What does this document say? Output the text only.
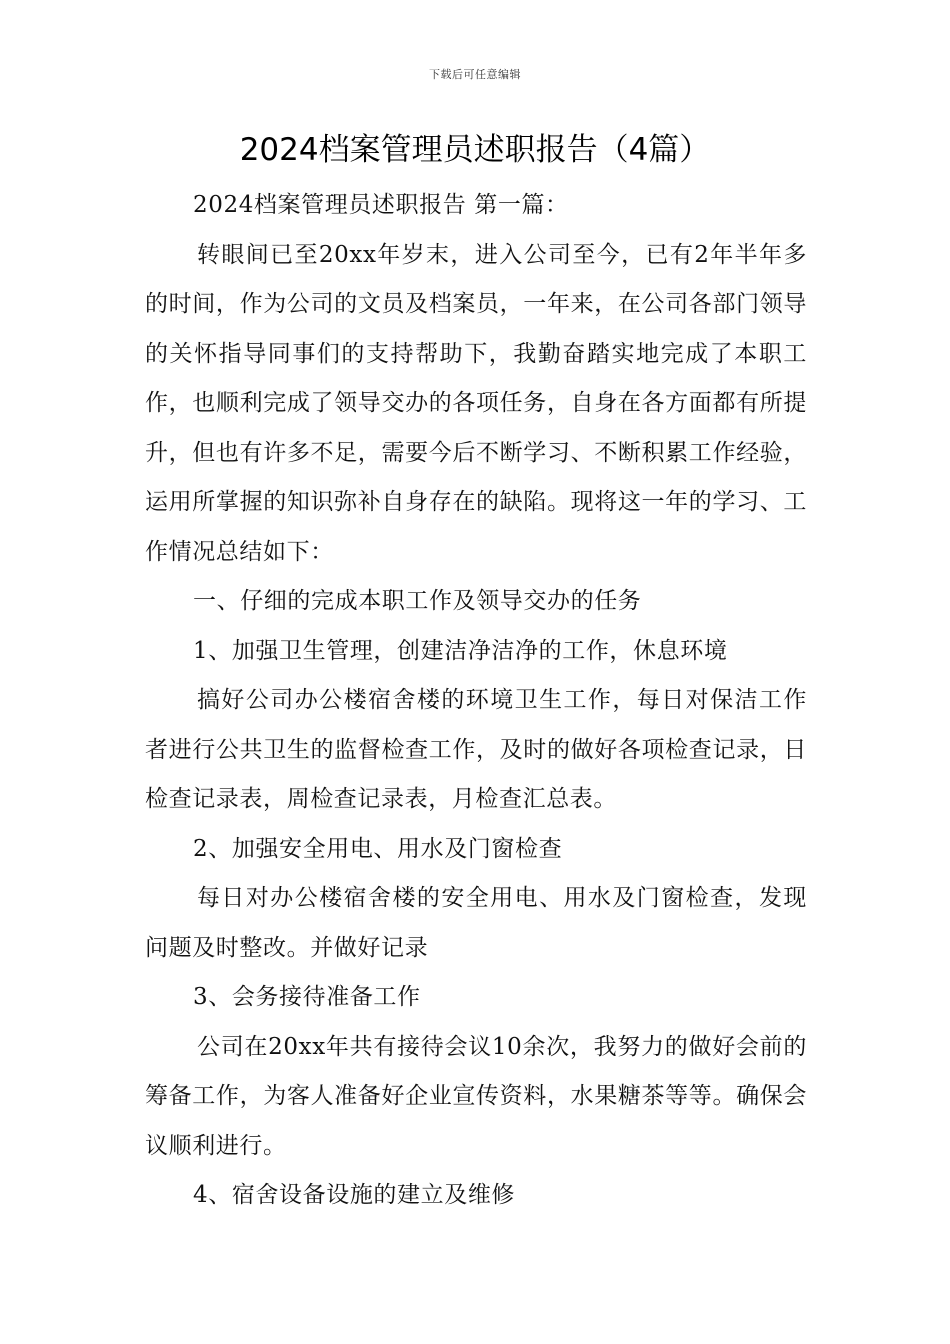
下载后可任意编辑
2024档案管理员述职报告（4篇）

2024档案管理员述职报告 第一篇：

转眼间已至20xx年岁末，进入公司至今，已有2年半年多的时间，作为公司的文员及档案员，一年来，在公司各部门领导的关怀指导同事们的支持帮助下，我勤奋踏实地完成了本职工作，也顺利完成了领导交办的各项任务，自身在各方面都有所提升，但也有许多不足，需要今后不断学习、不断积累工作经验，运用所掌握的知识弥补自身存在的缺陷。现将这一年的学习、工作情况总结如下：

一、仔细的完成本职工作及领导交办的任务

1、加强卫生管理，创建洁净洁净的工作，休息环境

搞好公司办公楼宿舍楼的环境卫生工作，每日对保洁工作者进行公共卫生的监督检查工作，及时的做好各项检查记录，日检查记录表，周检查记录表，月检查汇总表。

2、加强安全用电、用水及门窗检查

每日对办公楼宿舍楼的安全用电、用水及门窗检查，发现问题及时整改。并做好记录

3、会务接待准备工作

公司在20xx年共有接待会议10余次，我努力的做好会前的筹备工作，为客人准备好企业宣传资料，水果糖茶等等。确保会议顺利进行。

4、宿舍设备设施的建立及维修
